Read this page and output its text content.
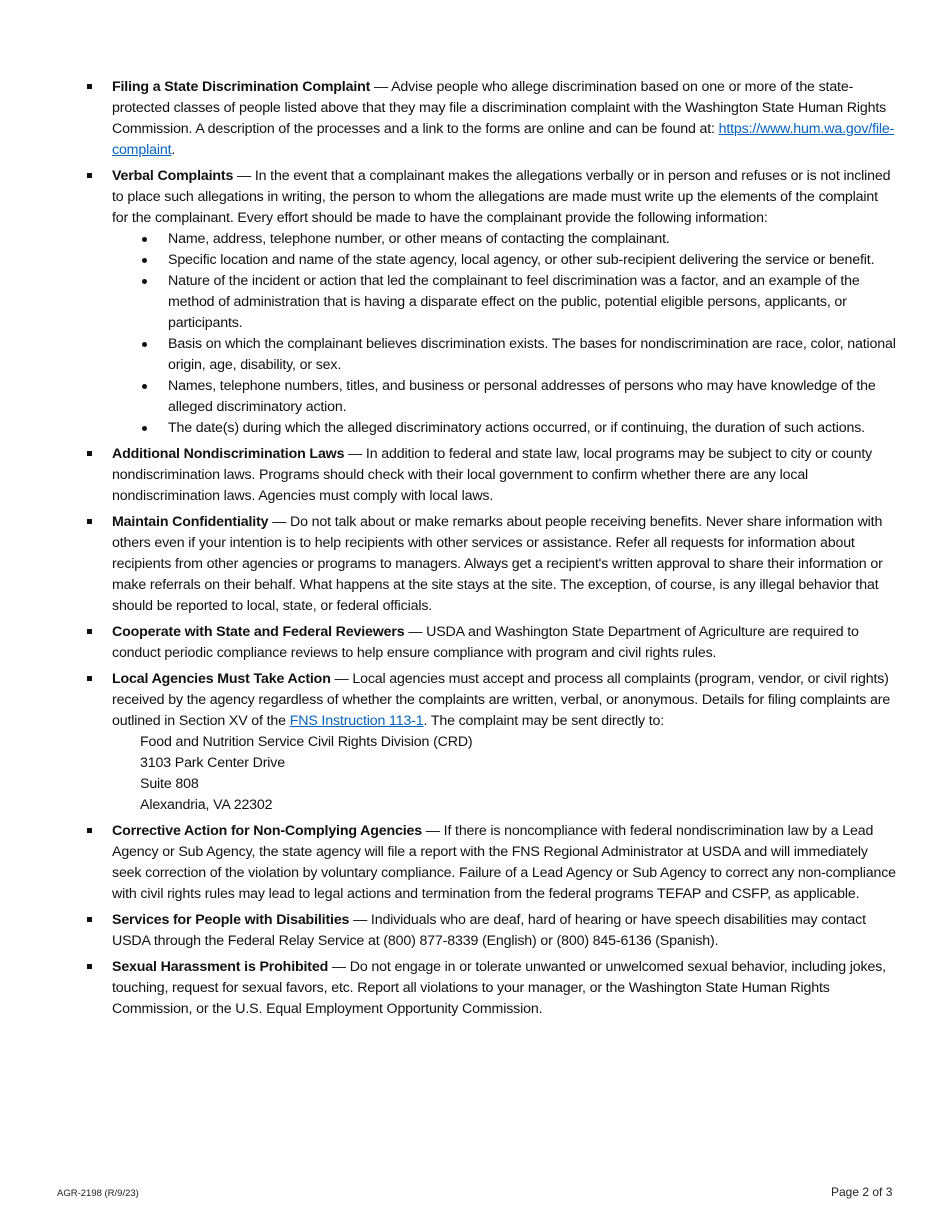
Filing a State Discrimination Complaint — Advise people who allege discrimination based on one or more of the state-protected classes of people listed above that they may file a discrimination complaint with the Washington State Human Rights Commission. A description of the processes and a link to the forms are online and can be found at: https://www.hum.wa.gov/file-complaint.
Verbal Complaints — In the event that a complainant makes the allegations verbally or in person and refuses or is not inclined to place such allegations in writing, the person to whom the allegations are made must write up the elements of the complaint for the complainant. Every effort should be made to have the complainant provide the following information:
Name, address, telephone number, or other means of contacting the complainant.
Specific location and name of the state agency, local agency, or other sub-recipient delivering the service or benefit.
Nature of the incident or action that led the complainant to feel discrimination was a factor, and an example of the method of administration that is having a disparate effect on the public, potential eligible persons, applicants, or participants.
Basis on which the complainant believes discrimination exists. The bases for nondiscrimination are race, color, national origin, age, disability, or sex.
Names, telephone numbers, titles, and business or personal addresses of persons who may have knowledge of the alleged discriminatory action.
The date(s) during which the alleged discriminatory actions occurred, or if continuing, the duration of such actions.
Additional Nondiscrimination Laws — In addition to federal and state law, local programs may be subject to city or county nondiscrimination laws. Programs should check with their local government to confirm whether there are any local nondiscrimination laws. Agencies must comply with local laws.
Maintain Confidentiality — Do not talk about or make remarks about people receiving benefits. Never share information with others even if your intention is to help recipients with other services or assistance. Refer all requests for information about recipients from other agencies or programs to managers. Always get a recipient's written approval to share their information or make referrals on their behalf. What happens at the site stays at the site. The exception, of course, is any illegal behavior that should be reported to local, state, or federal officials.
Cooperate with State and Federal Reviewers — USDA and Washington State Department of Agriculture are required to conduct periodic compliance reviews to help ensure compliance with program and civil rights rules.
Local Agencies Must Take Action — Local agencies must accept and process all complaints (program, vendor, or civil rights) received by the agency regardless of whether the complaints are written, verbal, or anonymous. Details for filing complaints are outlined in Section XV of the FNS Instruction 113-1. The complaint may be sent directly to:
Food and Nutrition Service Civil Rights Division (CRD)
3103 Park Center Drive
Suite 808
Alexandria, VA 22302
Corrective Action for Non-Complying Agencies — If there is noncompliance with federal nondiscrimination law by a Lead Agency or Sub Agency, the state agency will file a report with the FNS Regional Administrator at USDA and will immediately seek correction of the violation by voluntary compliance. Failure of a Lead Agency or Sub Agency to correct any non-compliance with civil rights rules may lead to legal actions and termination from the federal programs TEFAP and CSFP, as applicable.
Services for People with Disabilities — Individuals who are deaf, hard of hearing or have speech disabilities may contact USDA through the Federal Relay Service at (800) 877-8339 (English) or (800) 845-6136 (Spanish).
Sexual Harassment is Prohibited — Do not engage in or tolerate unwanted or unwelcomed sexual behavior, including jokes, touching, request for sexual favors, etc. Report all violations to your manager, or the Washington State Human Rights Commission, or the U.S. Equal Employment Opportunity Commission.
AGR-2198 (R/9/23)	Page 2 of 3
